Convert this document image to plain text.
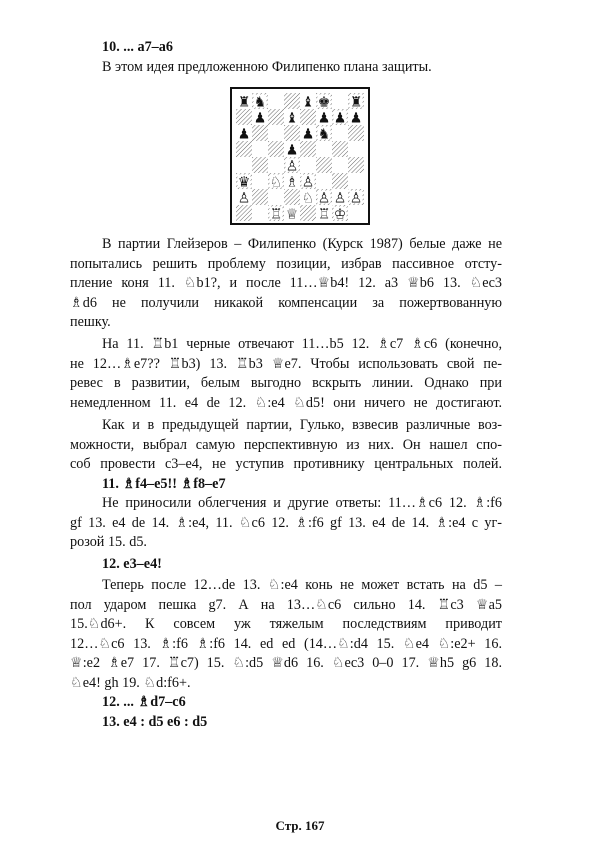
10. ... a7–a6
В этом идея предложенною Филипенко плана защиты.
В партии Глейзеров – Филипенко (Курск 1987) белые даже не
попытались решить проблему позиции, избрав пассивное отсту-
пление коня 11. ♘b1?, и после 11…♕b4! 12. a3 ♕b6 13. ♘ec3
♗d6 не получили никакой компенсации за пожертвованную
пешку.
На 11. ♖b1 черные отвечают 11…b5 12. ♗c7 ♗c6 (конечно,
не 12…♗e7?? ♖b3) 13. ♖b3 ♕e7. Чтобы использовать свой пе-
ревес в развитии, белым выгодно вскрыть линии. Однако при
немедленном 11. e4 de 12. ♘:e4 ♘d5! они ничего не достигают.
Как и в предыдущей партии, Гулько, взвесив различные воз-
можности, выбрал самую перспективную из них. Он нашел спо-
соб провести c3–e4, не уступив противнику центральных полей.
11. ♗f4–e5!! ♗f8–e7
Не приносили облегчения и другие ответы: 11…♗c6 12. ♗:f6
gf 13. e4 de 14. ♗:e4, 11. ♘c6 12. ♗:f6 gf 13. e4 de 14. ♗:e4 с уг-
розой 15. d5.
12. e3–e4!
Теперь после 12…de 13. ♘:e4 конь не может встать на d5 –
пол ударом пешка g7. А на 13…♘c6 сильно 14. ♖c3 ♕a5
15.♘d6+. К совсем уж тяжелым последствиям приводит
12…♘c6 13. ♗:f6 ♗:f6 14. ed ed (14…♘:d4 15. ♘e4 ♘:e2+ 16.
♕:e2 ♗e7 17. ♖c7) 15. ♘:d5 ♕d6 16. ♘ec3 0–0 17. ♕h5 g6 18.
♘e4! gh 19. ♘d:f6+.
12. ... ♗d7–c6
13. e4 : d5 e6 : d5
♜ ♞	♝ ♚ ♜
♟ ♝ ♟ ♟ ♟
♟	♟ ♞
♟
♙
♛ ♘ ♗ ♙
♙	♘ ♙ ♙ ♙
♖ ♕ ♖ ♔
Стр. 167
